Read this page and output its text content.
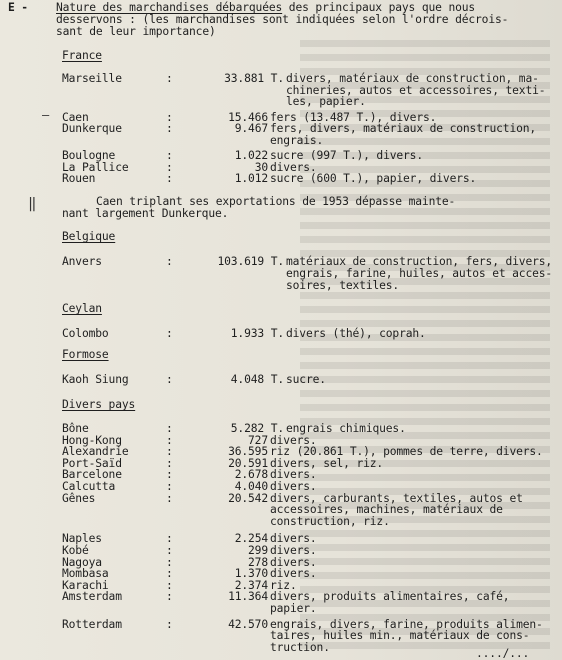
E - Nature des marchandises débarquées des principaux pays que nous
desservons : (les marchandises sont indiquées selon l'ordre décrois-
sant de leur importance)
France
Marseille	:	33.881 T. divers, matériaux de construction, ma-
chineries, autos et accessoires, texti-
les, papier.
Caen	:	15.466 fers (13.487 T.), divers.
Dunkerque	:	9.467 fers, divers, matériaux de construction,
engrais.
Boulogne	:	1.022 sucre (997 T.), divers.
La Pallice	:	30 divers.
Rouen	:	1.012 sucre (600 T.), papier, divers.
Caen triplant ses exportations de 1953 dépasse mainte-
nant largement Dunkerque.
Belgique
Anvers	:	103.619 T. matériaux de construction, fers, divers,
engrais, farine, huiles, autos et acces-
soires, textiles.
Ceylan
Colombo	:	1.933 T. divers (thé), coprah.
Formose
Kaoh Siung	:	4.048 T. sucre.
Divers pays
Bône	:	5.282 T. engrais chimiques.
Hong-Kong	:	727 divers.
Alexandrie	:	36.595 riz (20.861 T.), pommes de terre, divers.
Port-Saïd	:	20.591 divers, sel, riz.
Barcelone	:	2.678 divers.
Calcutta	:	4.040 divers.
Gênes	:	20.542 divers, carburants, textiles, autos et
accessoires, machines, matériaux de
construction, riz.
Naples	:	2.254 divers.
Kobé	:	299 divers.
Nagoya	:	278 divers.
Mombasa	:	1.370 divers.
Karachi	:	2.374 riz.
Amsterdam	:	11.364 divers, produits alimentaires, café,
papier.
Rotterdam	:	42.570 engrais, divers, farine, produits alimen-
taires, huiles min., matériaux de cons-
truction.
‖
—
..../...
